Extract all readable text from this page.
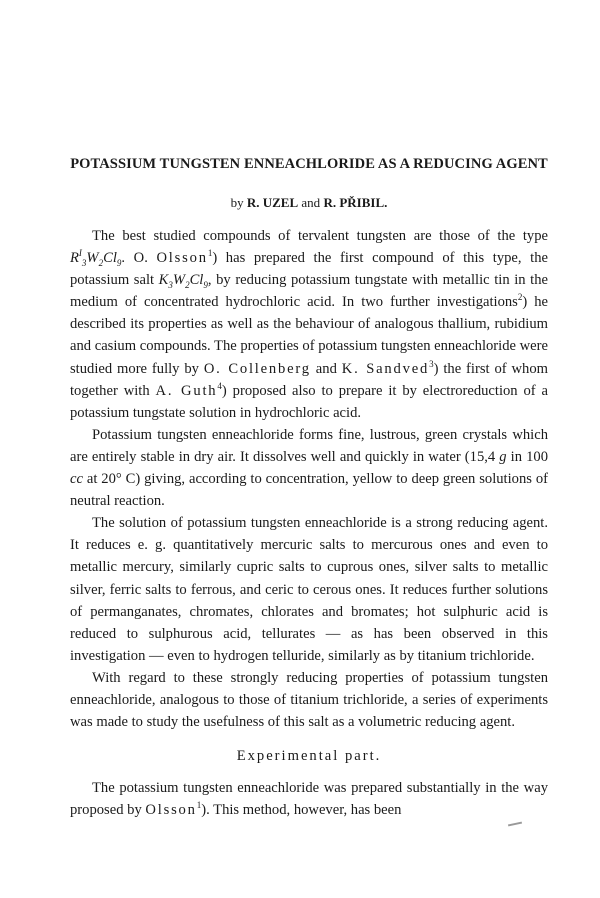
POTASSIUM TUNGSTEN ENNEACHLORIDE AS A REDUCING AGENT
by R. UZEL and R. PŘIBIL.

The best studied compounds of tervalent tungsten are those of the type $R^I_3W_2Cl_9$. O. Olsson$^1$) has prepared the first compound of this type, the potassium salt $K_3W_2Cl_9$, by reducing potassium tungstate with metallic tin in the medium of concentrated hydrochloric acid. In two further investigations$^2$) he described its properties as well as the behaviour of analogous thallium, rubidium and casium compounds. The properties of potassium tungsten enneachloride were studied more fully by O. Collenberg and K. Sandved$^3$) the first of whom together with A. Guth$^4$) proposed also to prepare it by electroreduction of a potassium tungstate solution in hydrochloric acid.

Potassium tungsten enneachloride forms fine, lustrous, green crystals which are entirely stable in dry air. It dissolves well and quickly in water (15,4 g in 100 cc at 20° C) giving, according to concentration, yellow to deep green solutions of neutral reaction.

The solution of potassium tungsten enneachloride is a strong reducing agent. It reduces e. g. quantitatively mercuric salts to mercurous ones and even to metallic mercury, similarly cupric salts to cuprous ones, silver salts to metallic silver, ferric salts to ferrous, and ceric to cerous ones. It reduces further solutions of permanganates, chromates, chlorates and bromates; hot sulphuric acid is reduced to sulphurous acid, tellurates — as has been observed in this investigation — even to hydrogen telluride, similarly as by titanium trichloride.

With regard to these strongly reducing properties of potassium tungsten enneachloride, analogous to those of titanium trichloride, a series of experiments was made to study the usefulness of this salt as a volumetric reducing agent.

Experimental part.

The potassium tungsten enneachloride was prepared substantially in the way proposed by Olsson$^1$). This method, however, has been
